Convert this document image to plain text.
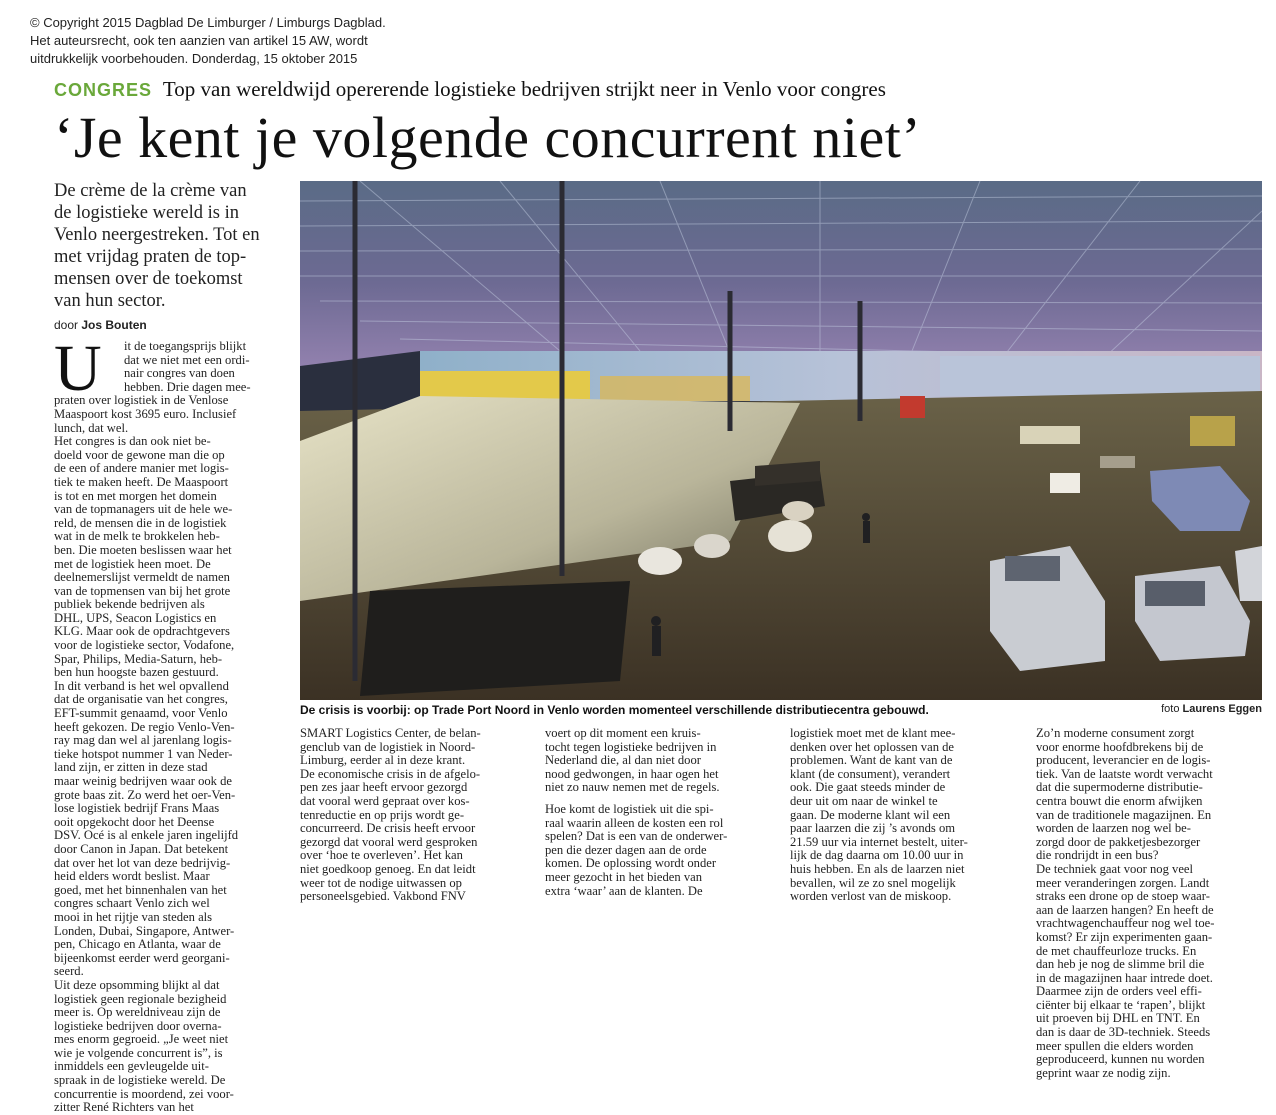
© Copyright 2015 Dagblad De Limburger / Limburgs Dagblad.
Het auteursrecht, ook ten aanzien van artikel 15 AW, wordt
uitdrukkelijk voorbehouden. Donderdag, 15 oktober 2015
CONGRES Top van wereldwijd opererende logistieke bedrijven strijkt neer in Venlo voor congres
‘Je kent je volgende concurrent niet’
De crème de la crème van
de logistieke wereld is in
Venlo neergestreken. Tot en
met vrijdag praten de top-
mensen over de toekomst
van hun sector.
door Jos Bouten
De crisis is voorbij: op Trade Port Noord in Venlo worden momenteel verschillende distributiecentra gebouwd.	foto Laurens Eggen
U	it de toegangsprijs blijkt
dat we niet met een ordi-
nair congres van doen
hebben. Drie dagen mee-
praten over logistiek in de Venlose
Maaspoort kost 3695 euro. Inclusief
lunch, dat wel.
Het congres is dan ook niet be-
doeld voor de gewone man die op
de een of andere manier met logis-
tiek te maken heeft. De Maaspoort
is tot en met morgen het domein
van de topmanagers uit de hele we-
reld, de mensen die in de logistiek
wat in de melk te brokkelen heb-
ben. Die moeten beslissen waar het
met de logistiek heen moet. De
deelnemerslijst vermeldt de namen
van de topmensen van bij het grote
publiek bekende bedrijven als
DHL, UPS, Seacon Logistics en
KLG. Maar ook de opdrachtgevers
voor de logistieke sector, Vodafone,
Spar, Philips, Media-Saturn, heb-
ben hun hoogste bazen gestuurd.
In dit verband is het wel opvallend
dat de organisatie van het congres,
EFT-summit genaamd, voor Venlo
heeft gekozen. De regio Venlo-Ven-
ray mag dan wel al jarenlang logis-
tieke hotspot nummer 1 van Neder-
land zijn, er zitten in deze stad
maar weinig bedrijven waar ook de
grote baas zit. Zo werd het oer-Ven-
lose logistiek bedrijf Frans Maas
ooit opgekocht door het Deense
DSV. Océ is al enkele jaren ingelijfd
door Canon in Japan. Dat betekent
dat over het lot van deze bedrijvig-
heid elders wordt beslist. Maar
goed, met het binnenhalen van het
congres schaart Venlo zich wel
mooi in het rijtje van steden als
Londen, Dubai, Singapore, Antwer-
pen, Chicago en Atlanta, waar de
bijeenkomst eerder werd georgani-
seerd.
Uit deze opsomming blijkt al dat
logistiek geen regionale bezigheid
meer is. Op wereldniveau zijn de
logistieke bedrijven door overna-
mes enorm gegroeid. „Je weet niet
wie je volgende concurrent is”, is
inmiddels een gevleugelde uit-
spraak in de logistieke wereld. De
concurrentie is moordend, zei voor-
zitter René Richters van het
SMART Logistics Center, de belan-
genclub van de logistiek in Noord-
Limburg, eerder al in deze krant.
De economische crisis in de afgelo-
pen zes jaar heeft ervoor gezorgd
dat vooral werd gepraat over kos-
tenreductie en op prijs wordt ge-
concurreerd. De crisis heeft ervoor
gezorgd dat vooral werd gesproken
over ‘hoe te overleven’. Het kan
niet goedkoop genoeg. En dat leidt
weer tot de nodige uitwassen op
personeelsgebied. Vakbond FNV
voert op dit moment een kruis-
tocht tegen logistieke bedrijven in
Nederland die, al dan niet door
nood gedwongen, in haar ogen het
niet zo nauw nemen met de regels.
Hoe komt de logistiek uit die spi-
raal waarin alleen de kosten een rol
spelen? Dat is een van de onderwer-
pen die dezer dagen aan de orde
komen. De oplossing wordt onder
meer gezocht in het bieden van
extra ‘waar’ aan de klanten. De
logistiek moet met de klant mee-
denken over het oplossen van de
problemen. Want de kant van de
klant (de consument), verandert
ook. Die gaat steeds minder de
deur uit om naar de winkel te
gaan. De moderne klant wil een
paar laarzen die zij ’s avonds om
21.59 uur via internet bestelt, uiter-
lijk de dag daarna om 10.00 uur in
huis hebben. En als de laarzen niet
bevallen, wil ze zo snel mogelijk
worden verlost van de miskoop.
Zo’n moderne consument zorgt
voor enorme hoofdbrekens bij de
producent, leverancier en de logis-
tiek. Van de laatste wordt verwacht
dat die supermoderne distributie-
centra bouwt die enorm afwijken
van de traditionele magazijnen. En
worden de laarzen nog wel be-
zorgd door de pakketjesbezorger
die rondrijdt in een bus?
De techniek gaat voor nog veel
meer veranderingen zorgen. Landt
straks een drone op de stoep waar-
aan de laarzen hangen? En heeft de
vrachtwagenchauffeur nog wel toe-
komst? Er zijn experimenten gaan-
de met chauffeurloze trucks. En
dan heb je nog de slimme bril die
in de magazijnen haar intrede doet.
Daarmee zijn de orders veel effi-
ciënter bij elkaar te ‘rapen’, blijkt
uit proeven bij DHL en TNT. En
dan is daar de 3D-techniek. Steeds
meer spullen die elders worden
geproduceerd, kunnen nu worden
geprint waar ze nodig zijn.
